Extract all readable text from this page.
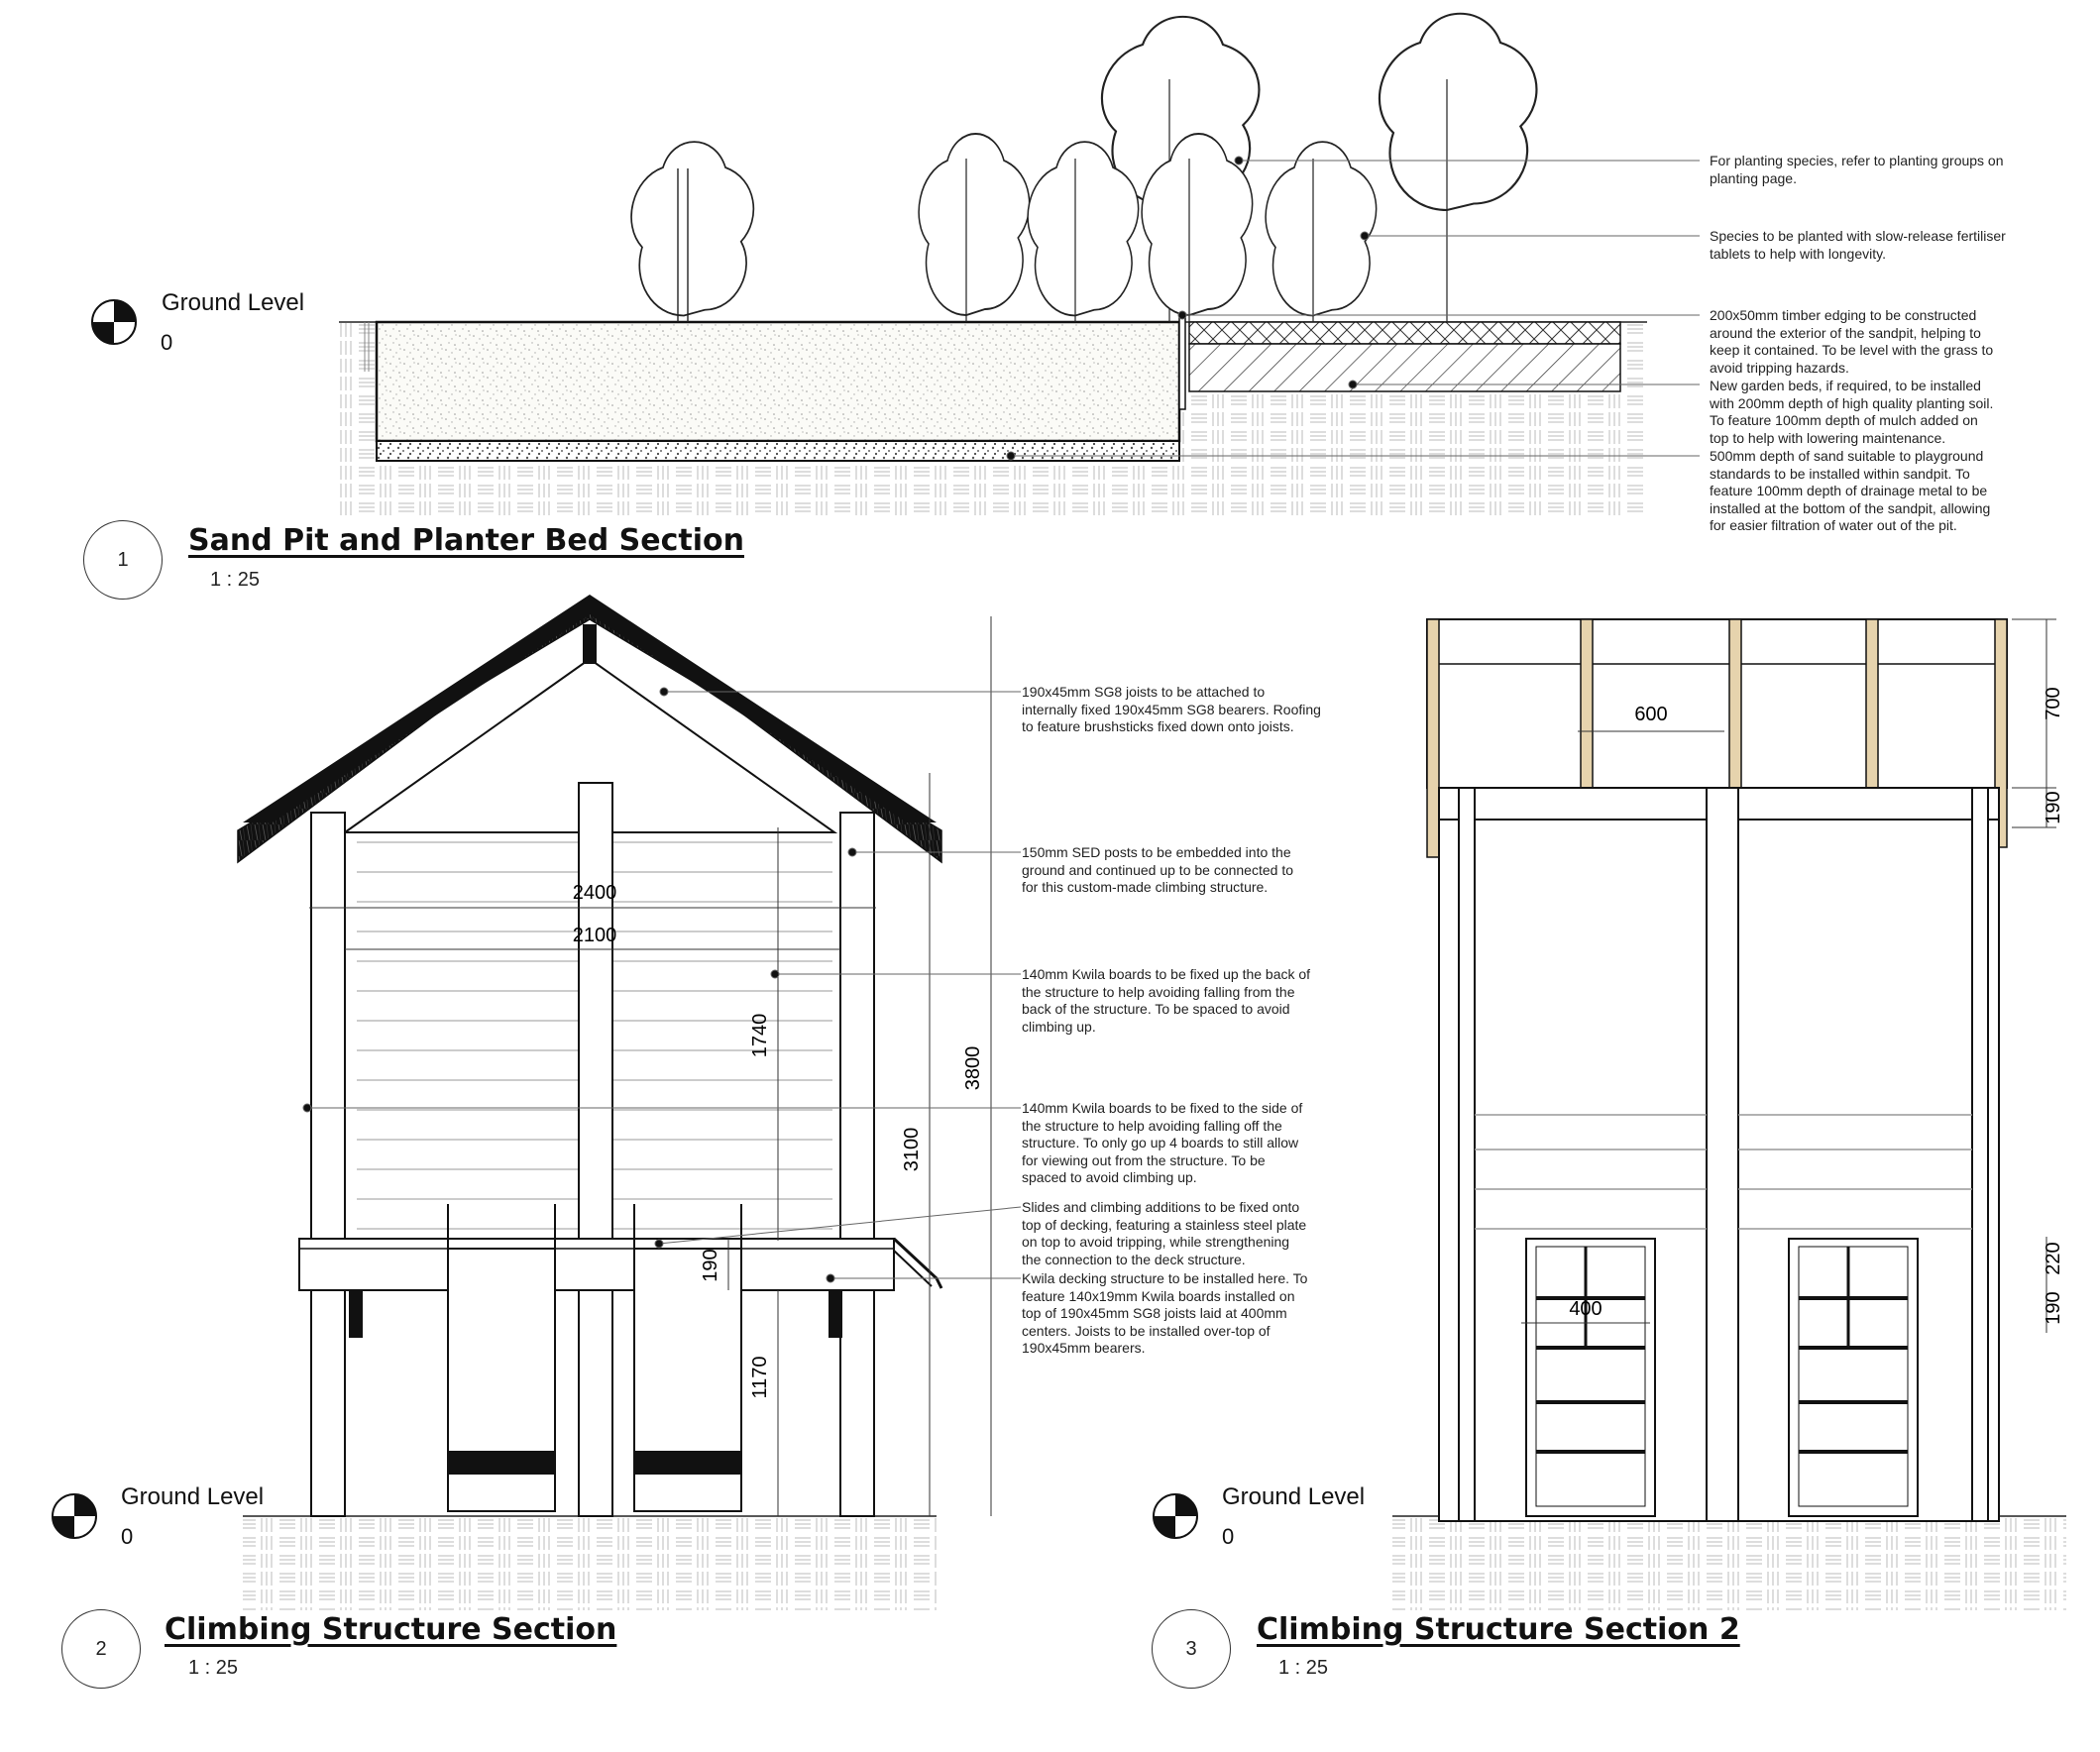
2400
2100
3800
3100
1740
1170
190
600	700
190
400
220
190
Ground Level
0
Ground Level
0
Ground Level
0
1
Sand Pit and Planter Bed Section
1 : 25
2
Climbing Structure Section
1 : 25
3
Climbing Structure Section 2
1 : 25
For planting species, refer to planting groups on
planting page.
Species to be planted with slow-release fertiliser
tablets to help with longevity.
200x50mm timber edging to be constructed
around the exterior of the sandpit, helping to
keep it contained. To be level with the grass to
avoid tripping hazards.
New garden beds, if required, to be installed
with 200mm depth of high quality planting soil.
To feature 100mm depth of mulch added on
top to help with lowering maintenance.
500mm depth of sand suitable to playground
standards to be installed within sandpit. To
feature 100mm depth of drainage metal to be
installed at the bottom of the sandpit, allowing
for easier filtration of water out of the pit.
190x45mm SG8 joists to be attached to
internally fixed 190x45mm SG8 bearers. Roofing
to feature brushsticks fixed down onto joists.
150mm SED posts to be embedded into the
ground and continued up to be connected to
for this custom-made climbing structure.
140mm Kwila boards to be fixed up the back of
the structure to help avoiding falling from the
back of the structure. To be spaced to avoid
climbing up.
140mm Kwila boards to be fixed to the side of
the structure to help avoiding falling off the
structure. To only go up 4 boards to still allow
for viewing out from the structure. To be
spaced to avoid climbing up.
Slides and climbing additions to be fixed onto
top of decking, featuring a stainless steel plate
on top to avoid tripping, while strengthening
the connection to the deck structure.
Kwila decking structure to be installed here. To
feature 140x19mm Kwila boards installed on
top of 190x45mm SG8 joists laid at 400mm
centers. Joists to be installed over-top of
190x45mm bearers.
